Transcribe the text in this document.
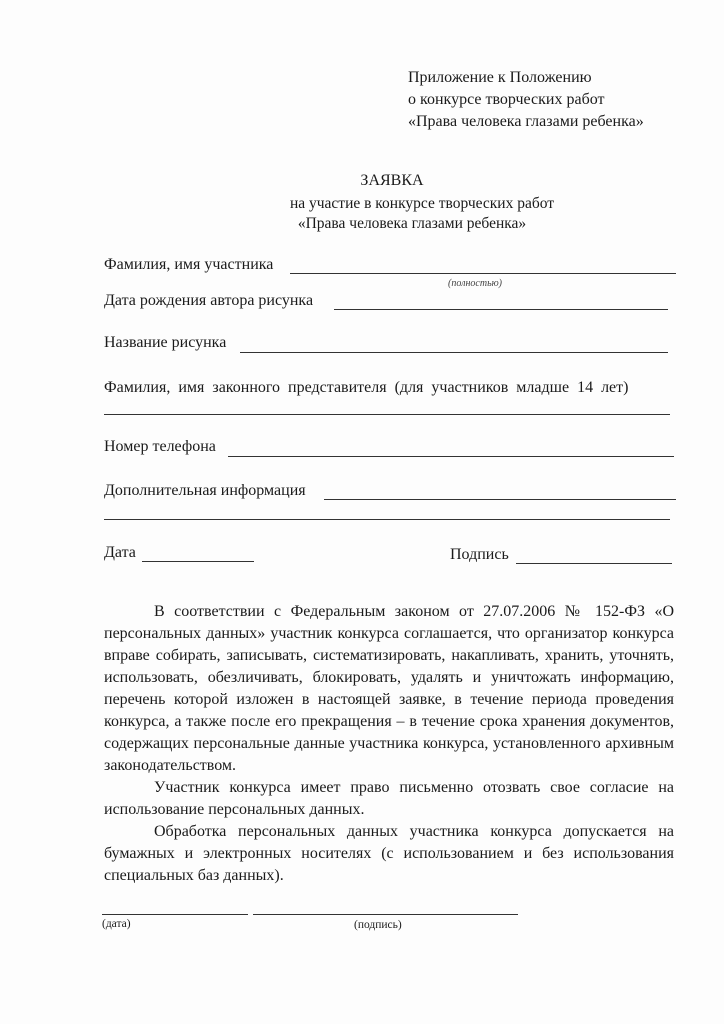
Приложение к Положению
о конкурсе творческих работ
«Права человека глазами ребенка»
ЗАЯВКА
на участие в конкурсе творческих работ
«Права человека глазами ребенка»
Фамилия, имя участника
(полностью)
Дата рождения автора рисунка
Название рисунка
Фамилия, имя законного представителя (для участников младше 14 лет)
Номер телефона
Дополнительная информация
Дата	Подпись
В соответствии с Федеральным законом от 27.07.2006 № 152-ФЗ «О персональных данных» участник конкурса соглашается, что организатор конкурса вправе собирать, записывать, систематизировать, накапливать, хранить, уточнять, использовать, обезличивать, блокировать, удалять и уничтожать информацию, перечень которой изложен в настоящей заявке, в течение периода проведения конкурса, а также после его прекращения – в течение срока хранения документов, содержащих персональные данные участника конкурса, установленного архивным законодательством.
Участник конкурса имеет право письменно отозвать свое согласие на использование персональных данных.
Обработка персональных данных участника конкурса допускается на бумажных и электронных носителях (с использованием и без использования специальных баз данных).
(дата)	(подпись)
